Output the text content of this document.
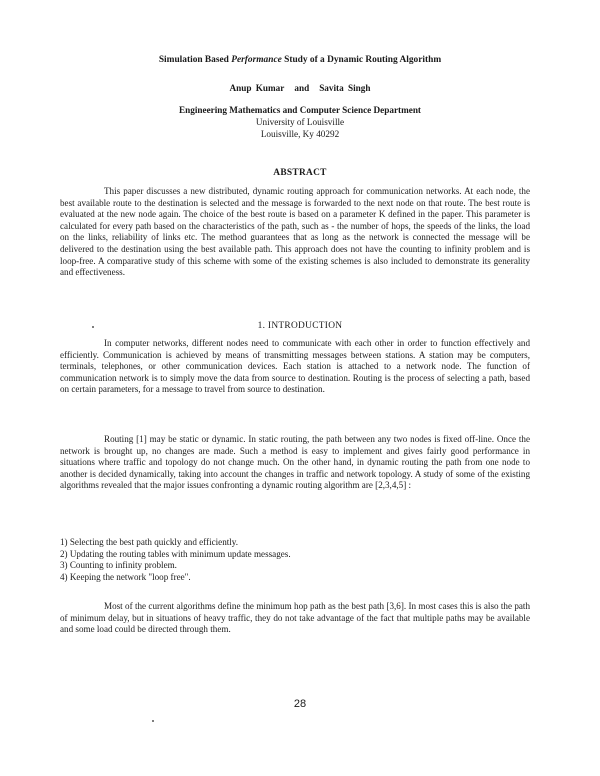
Simulation Based Performance Study of a Dynamic Routing Algorithm
Anup Kumar and Savita Singh
Engineering Mathematics and Computer Science Department
University of Louisville
Louisville, Ky 40292
ABSTRACT

This paper discusses a new distributed, dynamic routing approach for communication networks. At each node, the best available route to the destination is selected and the message is forwarded to the next node on that route. The best route is evaluated at the new node again. The choice of the best route is based on a parameter K defined in the paper. This parameter is calculated for every path based on the characteristics of the path, such as - the number of hops, the speeds of the links, the load on the links, reliability of links etc. The method guarantees that as long as the network is connected the message will be delivered to the destination using the best available path. This approach does not have the counting to infinity problem and is loop-free. A comparative study of this scheme with some of the existing schemes is also included to demonstrate its generality and effectiveness.

1. INTRODUCTION

In computer networks, different nodes need to communicate with each other in order to function effectively and efficiently. Communication is achieved by means of transmitting messages between stations. A station may be computers, terminals, telephones, or other communication devices. Each station is attached to a network node. The function of communication network is to simply move the data from source to destination. Routing is the process of selecting a path, based on certain parameters, for a message to travel from source to destination.

Routing [1] may be static or dynamic. In static routing, the path between any two nodes is fixed off-line. Once the network is brought up, no changes are made. Such a method is easy to implement and gives fairly good performance in situations where traffic and topology do not change much. On the other hand, in dynamic routing the path from one node to another is decided dynamically, taking into account the changes in traffic and network topology. A study of some of the existing algorithms revealed that the major issues confronting a dynamic routing algorithm are [2,3,4,5] :

1) Selecting the best path quickly and efficiently.
2) Updating the routing tables with minimum update messages.
3) Counting to infinity problem.
4) Keeping the network "loop free".

Most of the current algorithms define the minimum hop path as the best path [3,6]. In most cases this is also the path of minimum delay, but in situations of heavy traffic, they do not take advantage of the fact that multiple paths may be available and some load could be directed through them.

28
